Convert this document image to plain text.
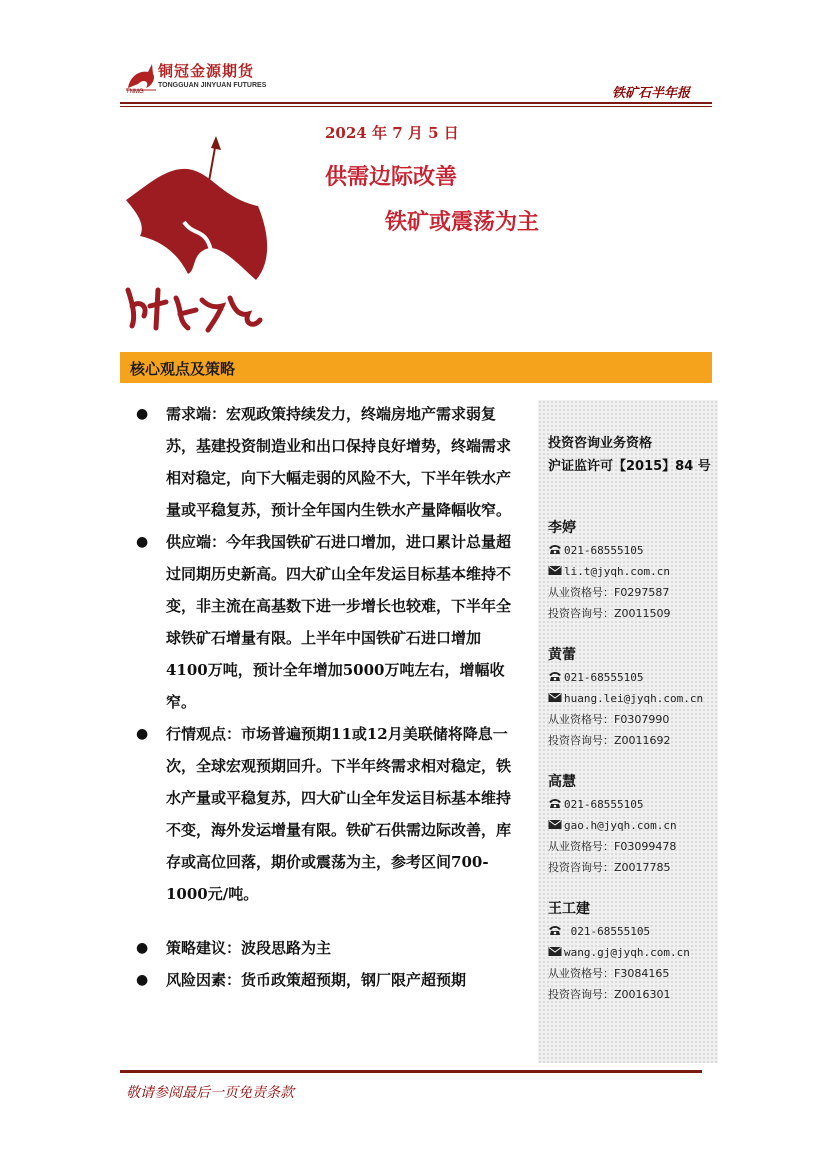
铜冠金源期货
TONGGUAN JINYUAN FUTURES
TNMG	铁矿石半年报
2024 年 7 月 5 日
供需边际改善
铁矿或震荡为主
核心观点及策略
● 需求端：宏观政策持续发力，终端房地产需求弱复苏，基建投资制造业和出口保持良好增势，终端需求相对稳定，向下大幅走弱的风险不大，下半年铁水产量或平稳复苏，预计全年国内生铁水产量降幅收窄。
● 供应端：今年我国铁矿石进口增加，进口累计总量超过同期历史新高。四大矿山全年发运目标基本维持不变，非主流在高基数下进一步增长也较难，下半年全球铁矿石增量有限。上半年中国铁矿石进口增加4100万吨，预计全年增加5000万吨左右，增幅收窄。
● 行情观点：市场普遍预期11或12月美联储将降息一次，全球宏观预期回升。下半年终需求相对稳定，铁水产量或平稳复苏，四大矿山全年发运目标基本维持不变，海外发运增量有限。铁矿石供需边际改善，库存或高位回落，期价或震荡为主，参考区间700-1000元/吨。
● 策略建议：波段思路为主
● 风险因素：货币政策超预期，钢厂限产超预期
投资咨询业务资格
沪证监许可【2015】84 号
李婷
021-68555105
li.t@jyqh.com.cn
从业资格号：F0297587
投资咨询号：Z0011509
黄蕾
021-68555105
huang.lei@jyqh.com.cn
从业资格号：F0307990
投资咨询号：Z0011692
高慧
021-68555105
gao.h@jyqh.com.cn
从业资格号：F03099478
投资咨询号：Z0017785
王工建
021-68555105
wang.gj@jyqh.com.cn
从业资格号：F3084165
投资咨询号：Z0016301
敬请参阅最后一页免责条款
